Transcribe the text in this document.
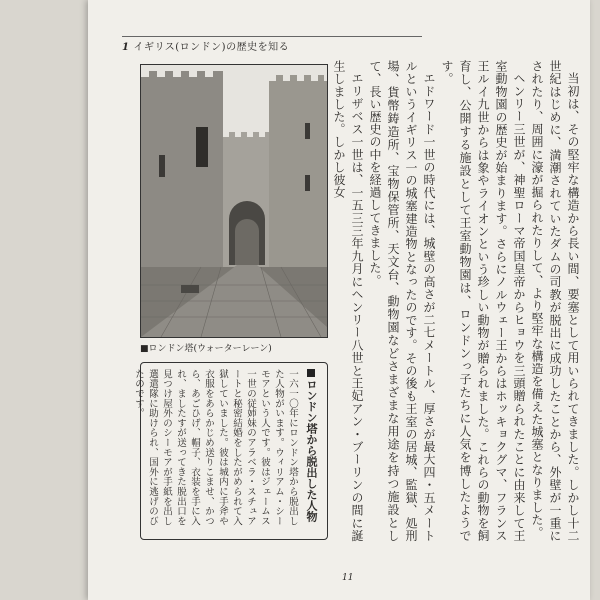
1 イギリス(ロンドン)の歴史を知る
■ロンドン塔(ウォーターレーン)	当初は、その堅牢な構造から長い間、要塞として用いられてきました。しかし十二世紀はじめに、満潮されていたダムの司教が脱出に成功したことから、外壁が一重にされたり、周囲に濠が掘られたりして、より堅牢な構造を備えた城塞となりました。

ヘンリー三世が、神聖ローマ帝国皇帝からヒョウを三頭贈られたことに由来して王室動物園の歴史が始まります。さらにノルウェー王からはホッキョクグマ、フランス王ルイ九世からは象やライオンという珍しい動物が贈られました。これらの動物を飼育し、公開する施設として王室動物園は、ロンドンっ子たちに人気を博したようです。

エドワード一世の時代には、城壁の高さが二七メートル、厚さが最大四・五メートルというイギリス一の城塞建造物となったのです。その後も王室の居城、監獄、処刑場、貨幣鋳造所、宝物保管所、天文台、動物園などさまざまな用途を持つ施設として、長い歴史の中を経過してきました。

エリザベス一世は、一五三三年九月にヘンリー八世と王妃アン・ブーリンの間に誕生しました。しかし彼女

ロンドン塔から脱出した人物
一六一〇年にロンドン塔から脱出した人物がいます。ウィリアム・シーモアという人です。彼はジェームス一世の従姉妹のアラベラ・スチュアートと秘密結婚をしたがめられて入獄していました。彼は城内に手斧や衣服をあらかじめ送りこませ、かつら、あごひげ、帽子、衣装を手に入れ、ましたすが送ってきた脱出口を見つけ屋外のシーモアが手紙を出し選遣隊に助けられ、国外に逃げのびたのです。
11
